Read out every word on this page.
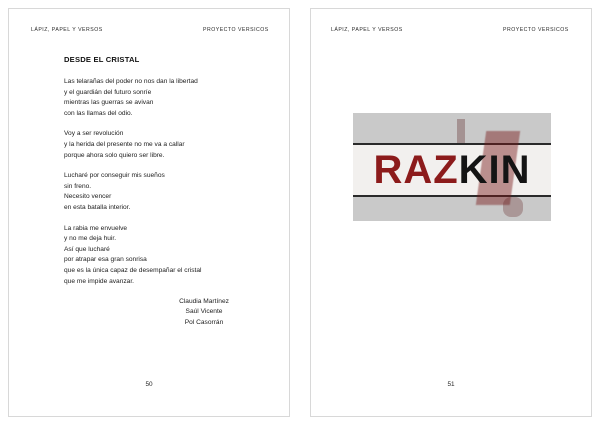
LÁPIZ, PAPEL Y VERSOS	PROYECTO VERSICOS
DESDE EL CRISTAL
Las telarañas del poder no nos dan la libertad
y el guardián del futuro sonríe
mientras las guerras se avivan
con las llamas del odio.
Voy a ser revolución
y la herida del presente no me va a callar
porque ahora solo quiero ser libre.
Lucharé por conseguir mis sueños
sin freno.
Necesito vencer
en esta batalla interior.
La rabia me envuelve
y no me deja huir.
Así que lucharé
por atrapar esa gran sonrisa
que es la única capaz de desempañar el cristal
que me impide avanzar.
Claudia Martínez
Saúl Vicente
Pol Casorrán
50
LÁPIZ, PAPEL Y VERSOS	PROYECTO VERSICOS
RAZ KIN
51
